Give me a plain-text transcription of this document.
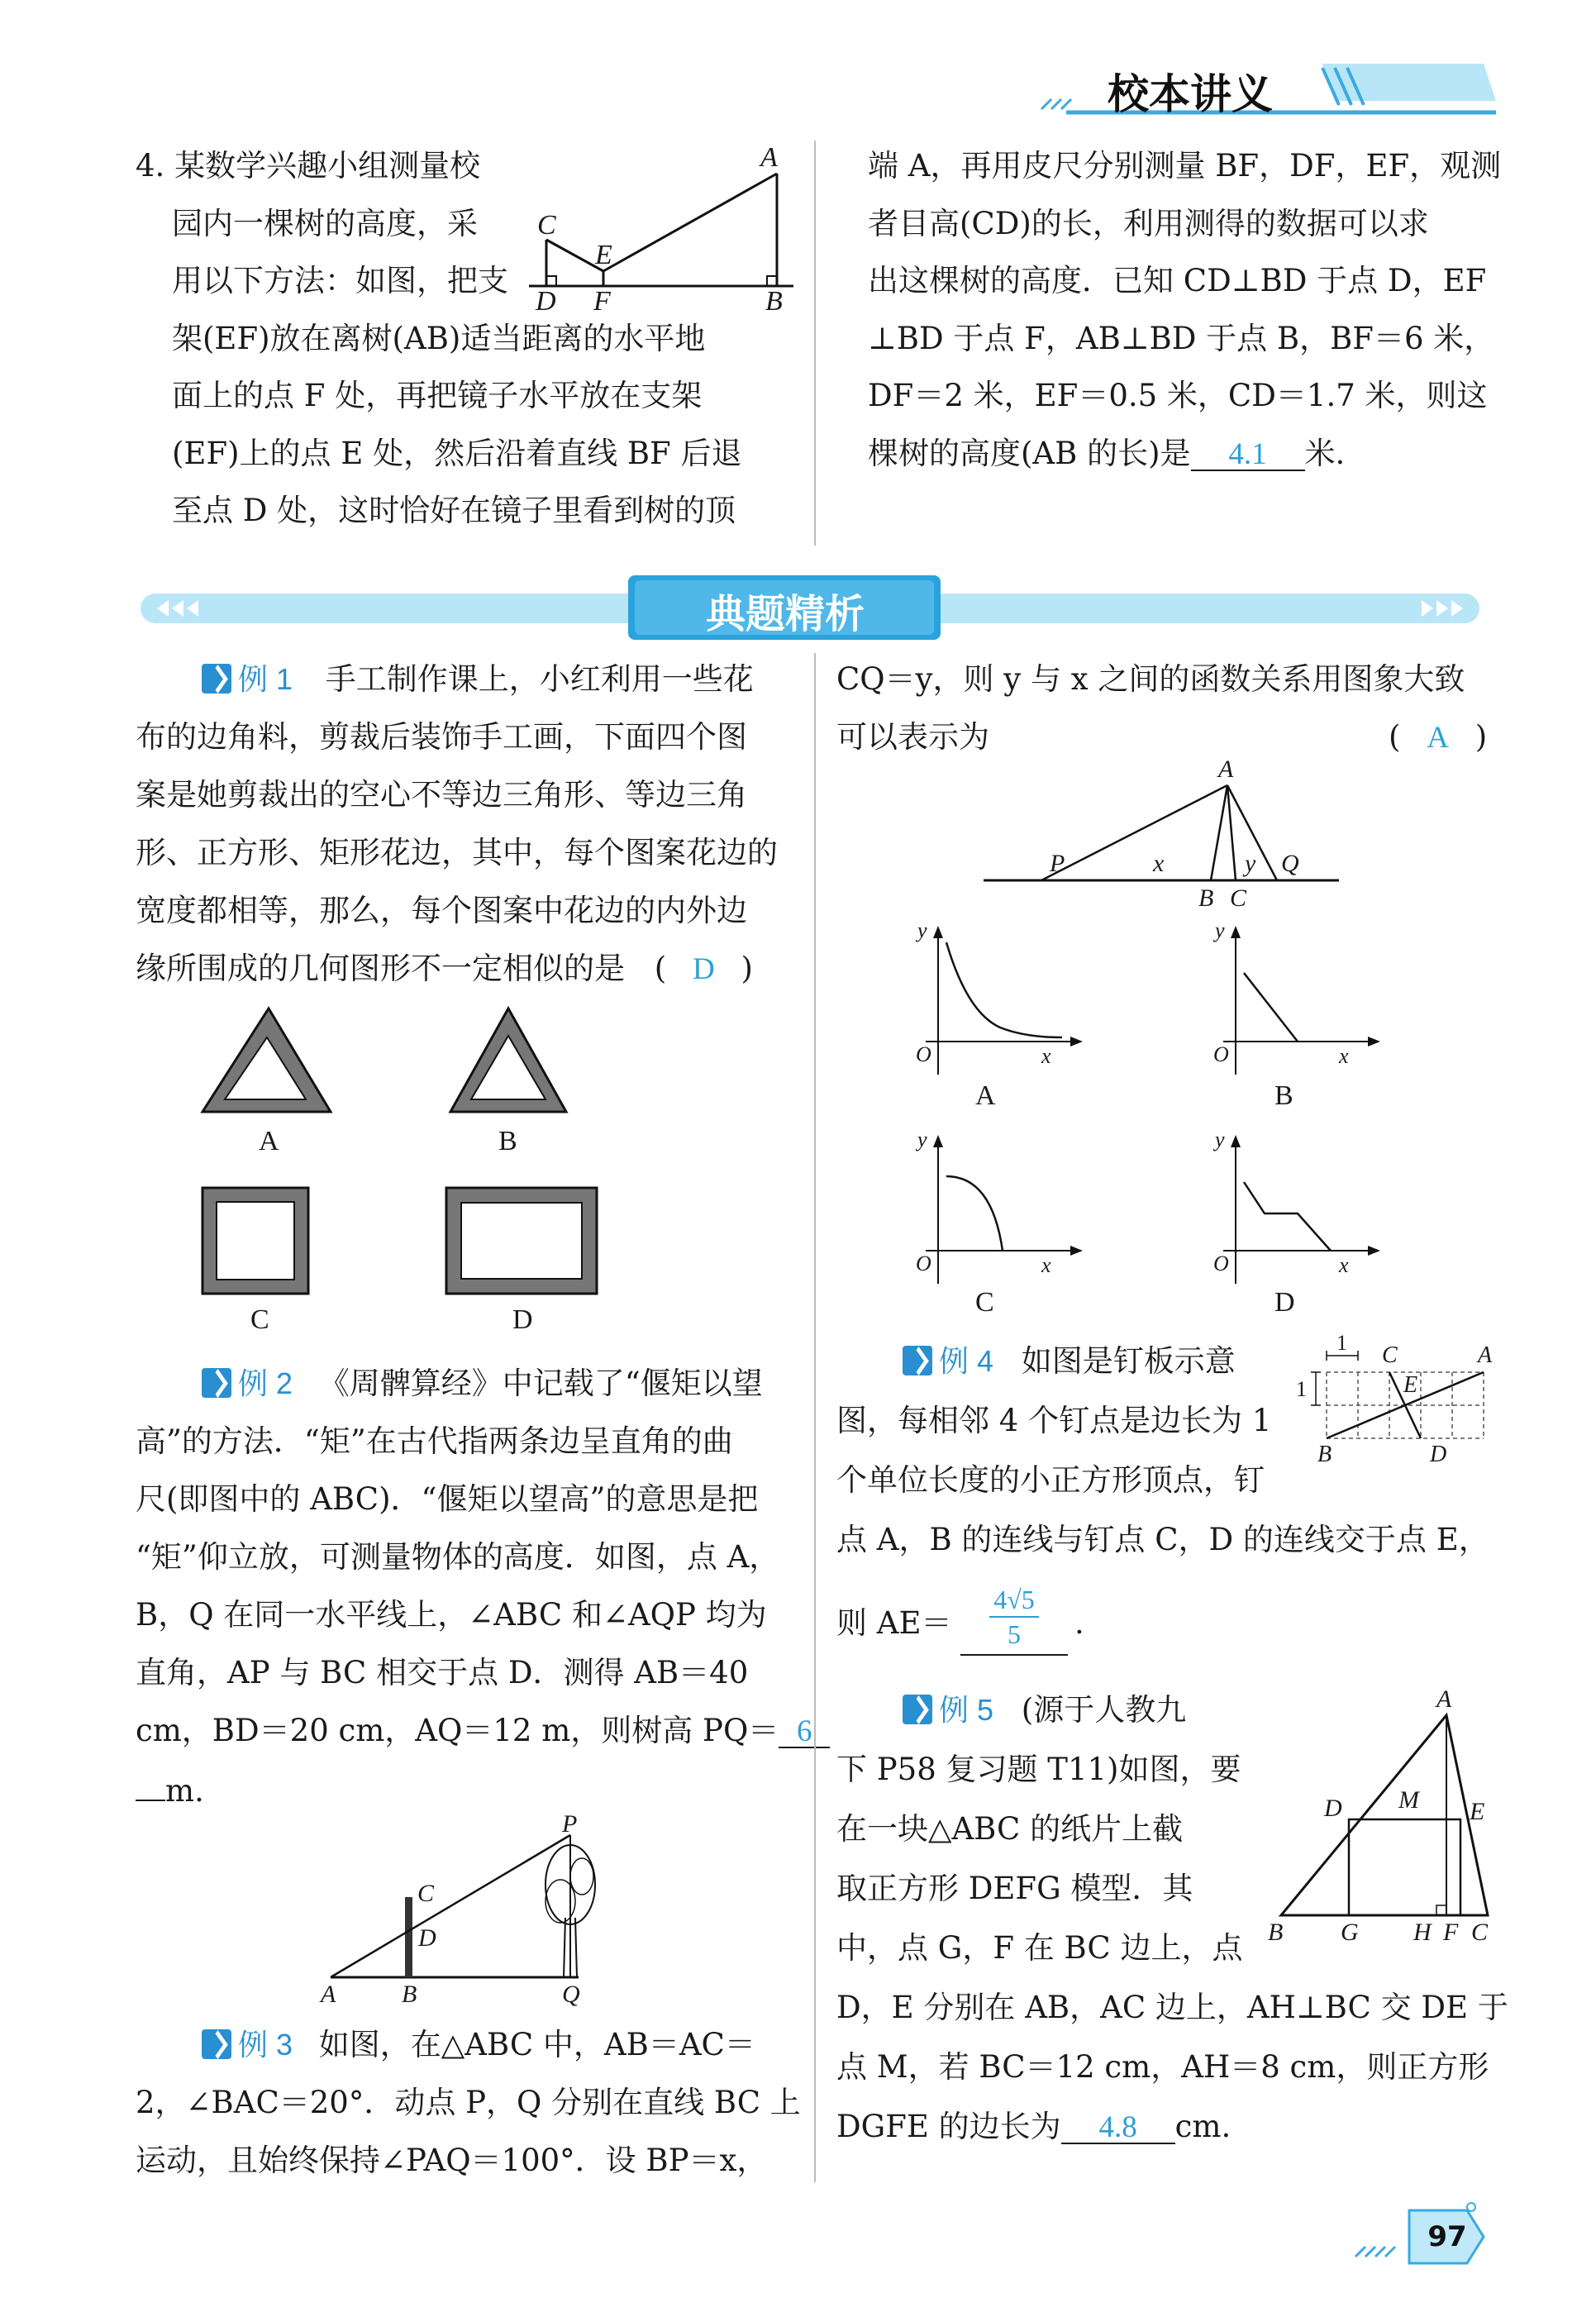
校本讲义
4. 某数学兴趣小组测量校
园内一棵树的高度，采
用以下方法：如图，把支
架(EF)放在离树(AB)适当距离的水平地
面上的点 F 处，再把镜子水平放在支架
(EF)上的点 E 处，然后沿着直线 BF 后退
至点 D 处，这时恰好在镜子里看到树的顶
A
C
E
D F	B
端 A，再用皮尺分别测量 BF，DF，EF，观测
者目高(CD)的长，利用测得的数据可以求
出这棵树的高度．已知 CD⊥BD 于点 D，EF
⊥BD 于点 F，AB⊥BD 于点 B，BF＝6 米，
DF＝2 米，EF＝0.5 米，CD＝1.7 米，则这
棵树的高度(AB 的长)是 4.1 米.
典题精析
例 1 手工制作课上，小红利用一些花
布的边角料，剪裁后装饰手工画，下面四个图
案是她剪裁出的空心不等边三角形、等边三角
形、正方形、矩形花边，其中，每个图案花边的
宽度都相等，那么，每个图案中花边的内外边
缘所围成的几何图形不一定相似的是 ( D )
A	B
C	D
例 2 《周髀算经》中记载了“偃矩以望
高”的方法．“矩”在古代指两条边呈直角的曲
尺(即图中的 ABC)．“偃矩以望高”的意思是把
“矩”仰立放，可测量物体的高度．如图，点 A，
B，Q 在同一水平线上，∠ABC 和∠AQP 均为
直角，AP 与 BC 相交于点 D．测得 AB＝40
cm，BD＝20 cm，AQ＝12 m，则树高 PQ＝ 6
m.
P
C
D
A	B	Q
例 3 如图，在△ABC 中，AB＝AC＝
2，∠BAC＝20°．动点 P，Q 分别在直线 BC 上
运动，且始终保持∠PAQ＝100°．设 BP＝x，
CQ＝y，则 y 与 x 之间的函数关系用图象大致
可以表示为	( A )
A
P	x	y Q
B C
y
O	x
A
y
O	x
B
y
O	x
C
y
O	x
D
例 4 如图是钉板示意
图，每相邻 4 个钉点是边长为 1
个单位长度的小正方形顶点，钉
点 A，B 的连线与钉点 C，D 的连线交于点 E，
1 C	A
E
1
B	D
则 AE＝
4√5
5	.
例 5 (源于人教九
下 P58 复习题 T11)如图，要
在一块△ABC 的纸片上截
取正方形 DEFG 模型．其
中，点 G，F 在 BC 边上，点
D，E 分别在 AB，AC 边上，AH⊥BC 交 DE 于
点 M，若 BC＝12 cm，AH＝8 cm，则正方形
DGFE 的边长为 4.8 cm.
A
D M E
B G H F C
97
